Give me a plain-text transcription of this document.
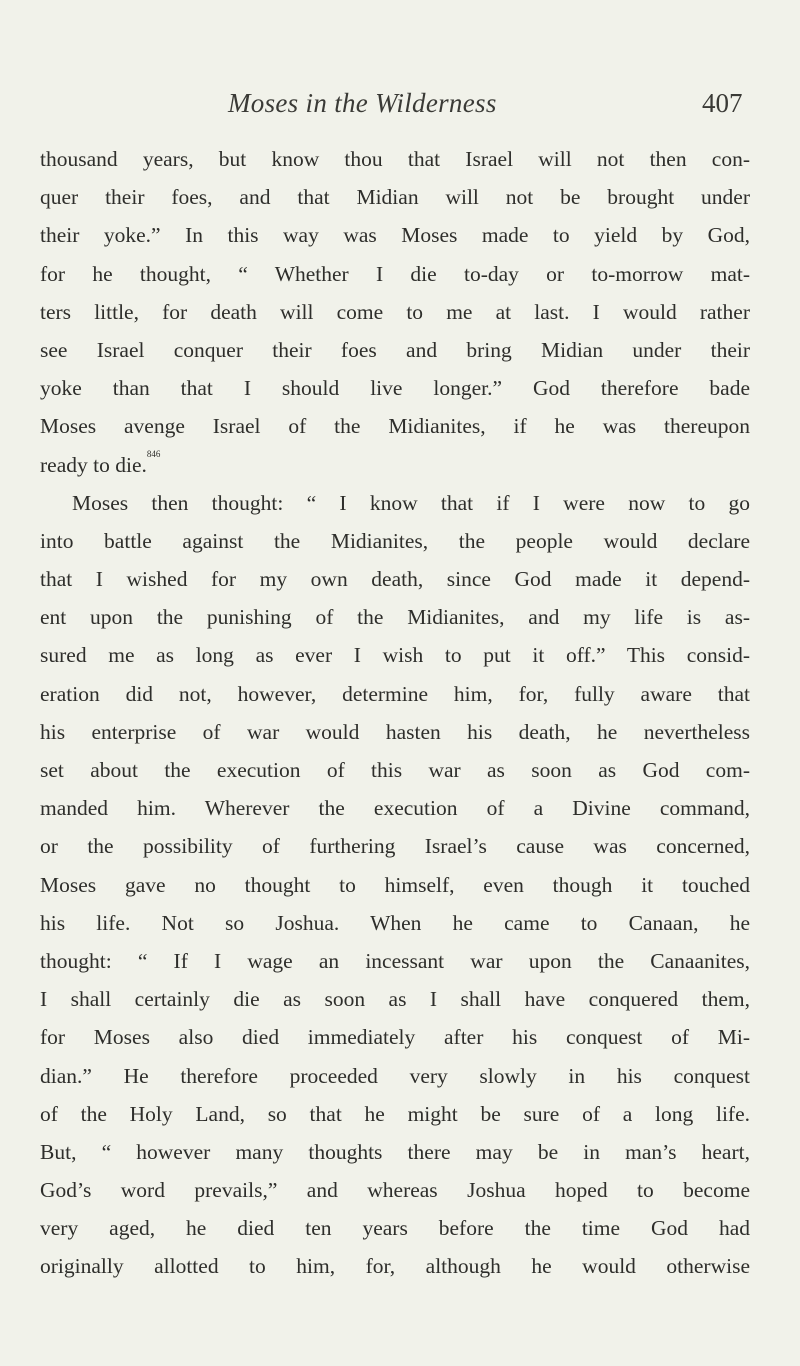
Moses in the Wilderness	407
thousand years, but know thou that Israel will not then con-
quer their foes, and that Midian will not be brought under
their yoke.” In this way was Moses made to yield by God,
for he thought, “ Whether I die to-day or to-morrow mat-
ters little, for death will come to me at last. I would rather
see Israel conquer their foes and bring Midian under their
yoke than that I should live longer.” God therefore bade
Moses avenge Israel of the Midianites, if he was thereupon
ready to die.$^{846}$
Moses then thought: “ I know that if I were now to go
into battle against the Midianites, the people would declare
that I wished for my own death, since God made it depend-
ent upon the punishing of the Midianites, and my life is as-
sured me as long as ever I wish to put it off.” This consid-
eration did not, however, determine him, for, fully aware that
his enterprise of war would hasten his death, he nevertheless
set about the execution of this war as soon as God com-
manded him. Wherever the execution of a Divine command,
or the possibility of furthering Israel’s cause was concerned,
Moses gave no thought to himself, even though it touched
his life. Not so Joshua. When he came to Canaan, he
thought: “ If I wage an incessant war upon the Canaanites,
I shall certainly die as soon as I shall have conquered them,
for Moses also died immediately after his conquest of Mi-
dian.” He therefore proceeded very slowly in his conquest
of the Holy Land, so that he might be sure of a long life.
But, “ however many thoughts there may be in man’s heart,
God’s word prevails,” and whereas Joshua hoped to become
very aged, he died ten years before the time God had
originally allotted to him, for, although he would otherwise
